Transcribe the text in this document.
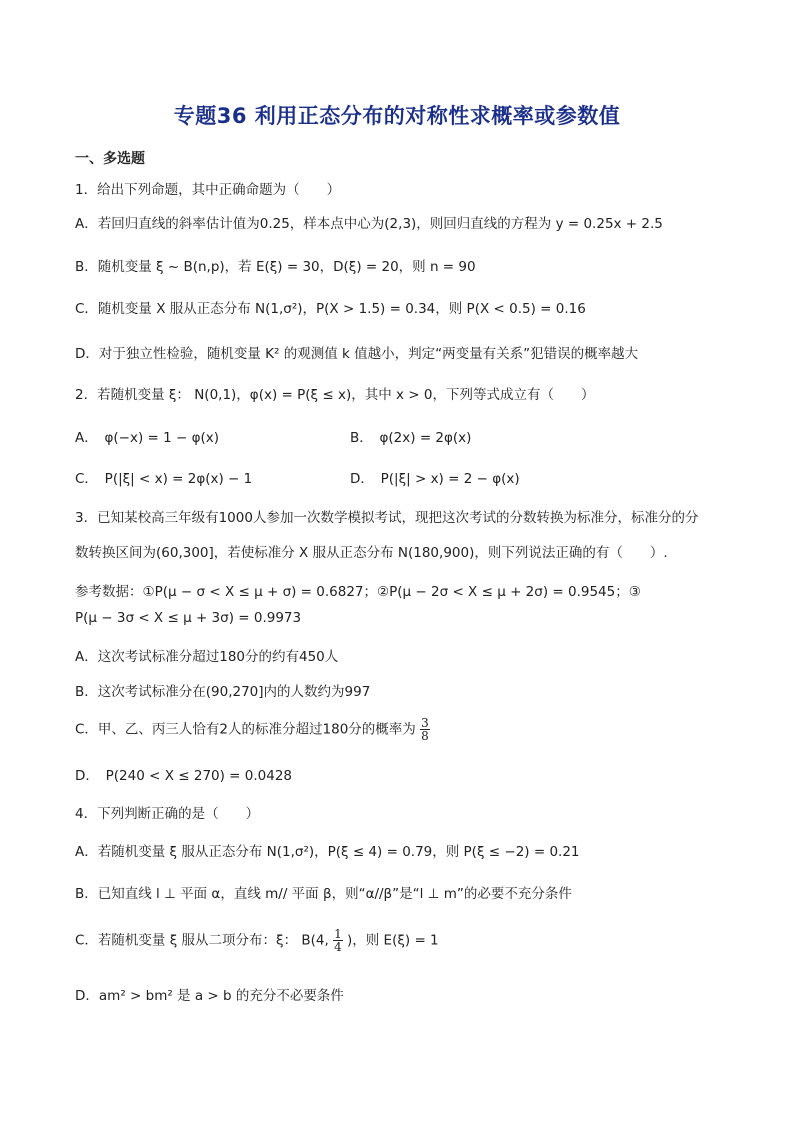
专题36 利用正态分布的对称性求概率或参数值
一、多选题
1．给出下列命题，其中正确命题为（　　）
A．若回归直线的斜率估计值为0.25，样本点中心为(2,3)，则回归直线的方程为 y = 0.25x + 2.5
B．随机变量 ξ ~ B(n,p)，若 E(ξ) = 30，D(ξ) = 20，则 n = 90
C．随机变量 X 服从正态分布 N(1,σ²)，P(X > 1.5) = 0.34，则 P(X < 0.5) = 0.16
D．对于独立性检验，随机变量 K² 的观测值 k 值越小，判定“两变量有关系”犯错误的概率越大
2．若随机变量 ξ： N(0,1)，φ(x) = P(ξ ≤ x)，其中 x > 0，下列等式成立有（　　）
A．　φ(−x) = 1 − φ(x)	B．　φ(2x) = 2φ(x)
C．　P(|ξ| < x) = 2φ(x) − 1	D．　P(|ξ| > x) = 2 − φ(x)
3．已知某校高三年级有1000人参加一次数学模拟考试，现把这次考试的分数转换为标准分，标准分的分
数转换区间为(60,300]，若使标准分 X 服从正态分布 N(180,900)，则下列说法正确的有（　　）.
参考数据：①P(μ − σ < X ≤ μ + σ) = 0.6827；②P(μ − 2σ < X ≤ μ + 2σ) = 0.9545；③
P(μ − 3σ < X ≤ μ + 3σ) = 0.9973
A．这次考试标准分超过180分的约有450人
B．这次考试标准分在(90,270]内的人数约为997
C．甲、乙、丙三人恰有2人的标准分超过180分的概率为 $\frac{3}{8}$
D．　P(240 < X ≤ 270) = 0.0428
4．下列判断正确的是（　　）
A．若随机变量 ξ 服从正态分布 N(1,σ²)，P(ξ ≤ 4) = 0.79，则 P(ξ ≤ −2) = 0.21
B．已知直线 l ⊥ 平面 α，直线 m// 平面 β，则“α//β”是“l ⊥ m”的必要不充分条件
C．若随机变量 ξ 服从二项分布：ξ： B(4, $\frac{1}{4}$ )，则 E(ξ) = 1
D．am² > bm² 是 a > b 的充分不必要条件
